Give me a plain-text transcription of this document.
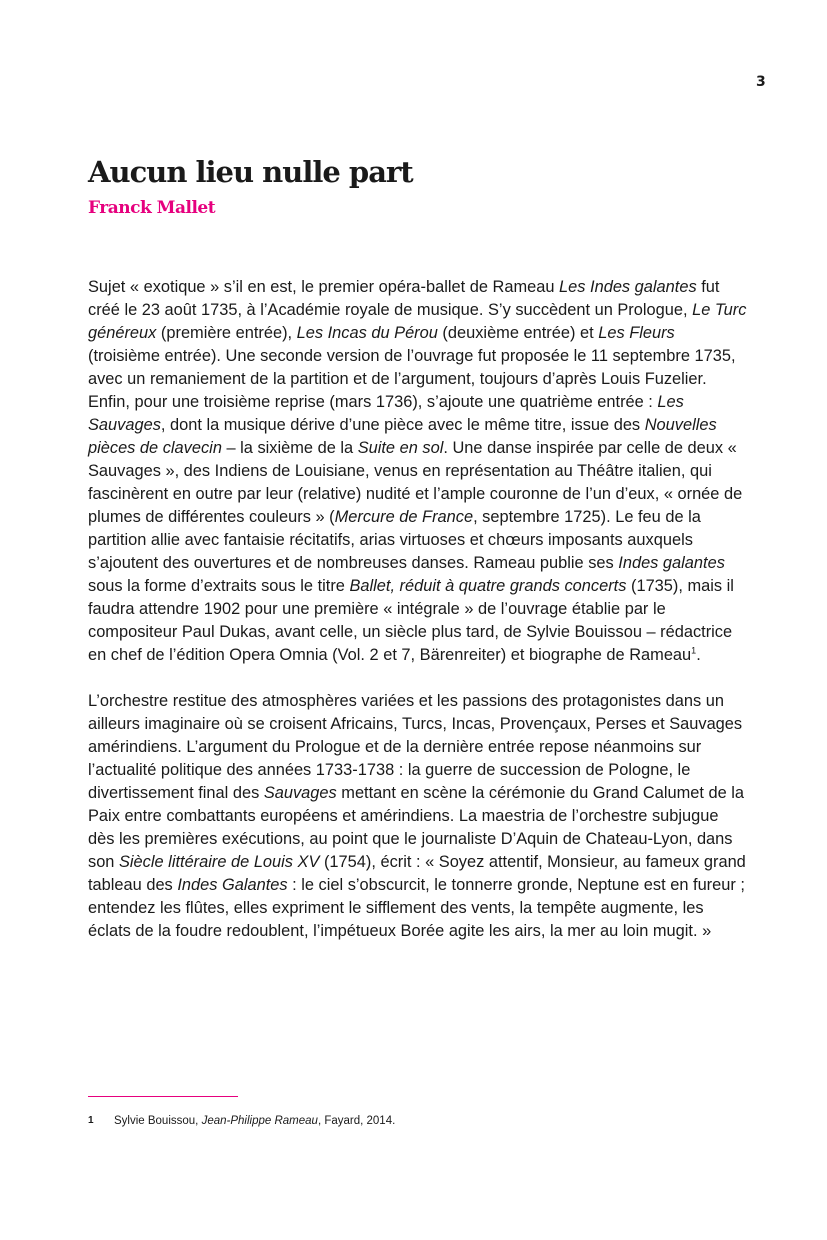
3
Aucun lieu nulle part
Franck Mallet

Sujet « exotique » s’il en est, le premier opéra-ballet de Rameau Les Indes galantes fut créé le 23 août 1735, à l’Académie royale de musique. S’y succèdent un Prologue, Le Turc généreux (première entrée), Les Incas du Pérou (deuxième entrée) et Les Fleurs (troisième entrée). Une seconde version de l’ouvrage fut proposée le 11 septembre 1735, avec un remaniement de la partition et de l’argument, toujours d’après Louis Fuzelier. Enfin, pour une troisième reprise (mars 1736), s’ajoute une quatrième entrée : Les Sauvages, dont la musique dérive d’une pièce avec le même titre, issue des Nouvelles pièces de clavecin – la sixième de la Suite en sol. Une danse inspirée par celle de deux « Sauvages », des Indiens de Louisiane, venus en représentation au Théâtre italien, qui fascinèrent en outre par leur (relative) nudité et l’ample couronne de l’un d’eux, « ornée de plumes de différentes couleurs » (Mercure de France, septembre 1725). Le feu de la partition allie avec fantaisie récitatifs, arias virtuoses et chœurs imposants auxquels s’ajoutent des ouvertures et de nombreuses danses. Rameau publie ses Indes galantes sous la forme d’extraits sous le titre Ballet, réduit à quatre grands concerts (1735), mais il faudra attendre 1902 pour une première « intégrale » de l’ouvrage établie par le compositeur Paul Dukas, avant celle, un siècle plus tard, de Sylvie Bouissou – rédactrice en chef de l’édition Opera Omnia (Vol. 2 et 7, Bärenreiter) et biographe de Rameau$^1$.

L’orchestre restitue des atmosphères variées et les passions des protagonistes dans un ailleurs imaginaire où se croisent Africains, Turcs, Incas, Provençaux, Perses et Sauvages amérindiens. L’argument du Prologue et de la dernière entrée repose néanmoins sur l’actualité politique des années 1733-1738 : la guerre de succession de Pologne, le divertissement final des Sauvages mettant en scène la cérémonie du Grand Calumet de la Paix entre combattants européens et amérindiens. La maestria de l’orchestre subjugue dès les premières exécutions, au point que le journaliste D’Aquin de Chateau-Lyon, dans son Siècle littéraire de Louis XV (1754), écrit : « Soyez attentif, Monsieur, au fameux grand tableau des Indes Galantes : le ciel s’obscurcit, le tonnerre gronde, Neptune est en fureur ; entendez les flûtes, elles expriment le sifflement des vents, la tempête augmente, les éclats de la foudre redoublent, l’impétueux Borée agite les airs, la mer au loin mugit. »

1 Sylvie Bouissou, Jean-Philippe Rameau, Fayard, 2014.
